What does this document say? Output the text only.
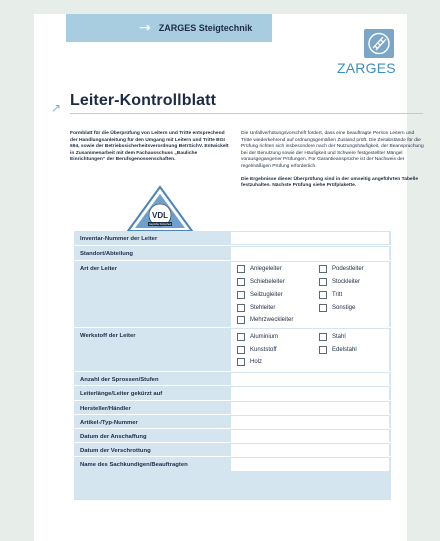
→ ZARGES Steigtechnik
ZARGES
↗ Leiter-Kontrollblatt

Formblatt für die Überprüfung von Leitern und Tritte entsprechend der Handlungsanleitung für den Umgang mit Leitern und Tritte BGI 694, sowie der Betriebssicherheitsverordnung BetrSichV. Entwickelt in Zusammenarbeit mit dem Fachausschuss „Bauliche Einrichtungen“ der Berufsgenossenschaften.

Die Unfallverhütungsvorschrift fordert, dass eine beauftragte Person Leitern und Tritte wiederkehrend auf ordnungsgemäßen Zustand prüft. Die Zeitabstände für die Prüfung richten sich insbesondere nach der Nutzungshäufigkeit, der Beanspruchung bei der Benutzung sowie der Häufigkeit und Schwere festgestellter Mängel vorausgegangener Prüfungen. Für Garantieansprüche ist der Nachweis der regelmäßigen Prüfung erforderlich.

Die Ergebnisse dieser Überprüfung sind in der umseitig angeführten Tabelle festzuhalten. Nächste Prüfung siehe Prüfplakette.

VDL
Geprüfte Sicherheit
Inventar-Nummer der Leiter
Standort/Abteilung
Art der Leiter	Anlegeleiter	Podestleiter
Schiebeleiter	Stockleiter
Seilzugleiter	Tritt
Stehleiter	Sonstige
Mehrzweckleiter
Werkstoff der Leiter	Aluminium	Stahl
Kunststoff	Edelstahl
Holz
Anzahl der Sprossen/Stufen
Leiterlänge/Leiter gekürzt auf
Hersteller/Händler
Artikel-/Typ-Nummer
Datum der Anschaffung
Datum der Verschrottung
Name des Sachkundigen/Beauftragten
